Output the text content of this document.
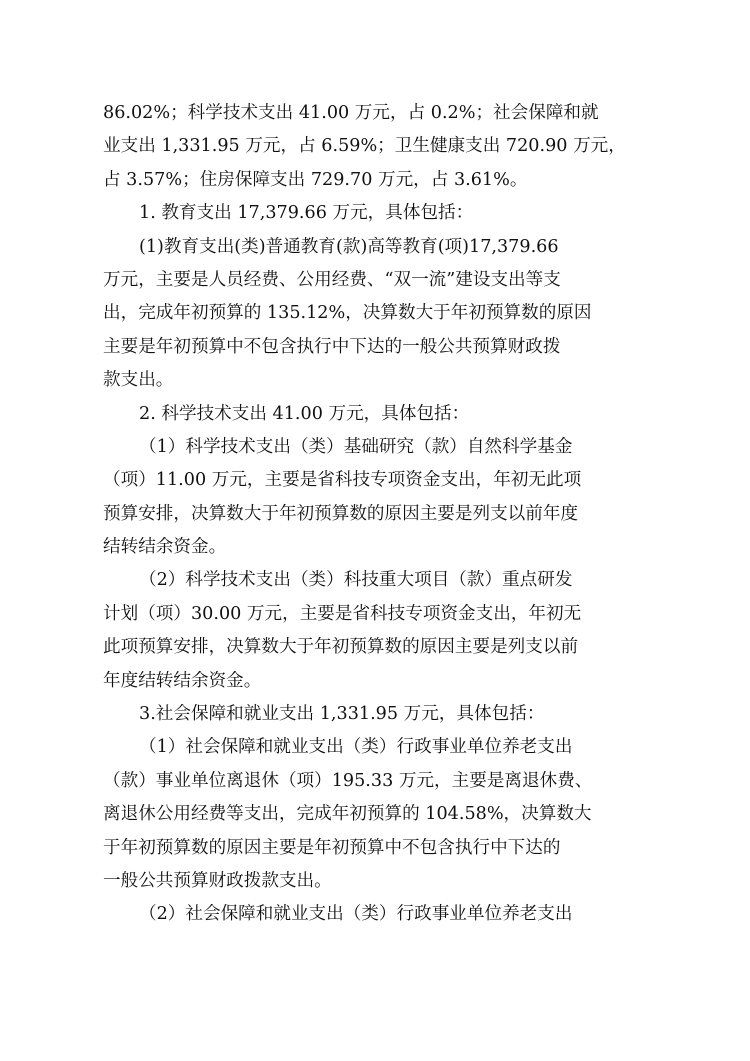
86.02%；科学技术支出 41.00 万元，占 0.2%；社会保障和就
业支出 1,331.95 万元，占 6.59%；卫生健康支出 720.90 万元，
占 3.57%；住房保障支出 729.70 万元，占 3.61%。
1. 教育支出 17,379.66 万元，具体包括：
(1)教育支出(类)普通教育(款)高等教育(项)17,379.66
万元，主要是人员经费、公用经费、“双一流”建设支出等支
出，完成年初预算的 135.12%，决算数大于年初预算数的原因
主要是年初预算中不包含执行中下达的一般公共预算财政拨
款支出。
2. 科学技术支出 41.00 万元，具体包括：
（1）科学技术支出（类）基础研究（款）自然科学基金
（项）11.00 万元，主要是省科技专项资金支出，年初无此项
预算安排，决算数大于年初预算数的原因主要是列支以前年度
结转结余资金。
（2）科学技术支出（类）科技重大项目（款）重点研发
计划（项）30.00 万元，主要是省科技专项资金支出，年初无
此项预算安排，决算数大于年初预算数的原因主要是列支以前
年度结转结余资金。
3.社会保障和就业支出 1,331.95 万元，具体包括：
（1）社会保障和就业支出（类）行政事业单位养老支出
（款）事业单位离退休（项）195.33 万元，主要是离退休费、
离退休公用经费等支出，完成年初预算的 104.58%，决算数大
于年初预算数的原因主要是年初预算中不包含执行中下达的
一般公共预算财政拨款支出。
（2）社会保障和就业支出（类）行政事业单位养老支出
